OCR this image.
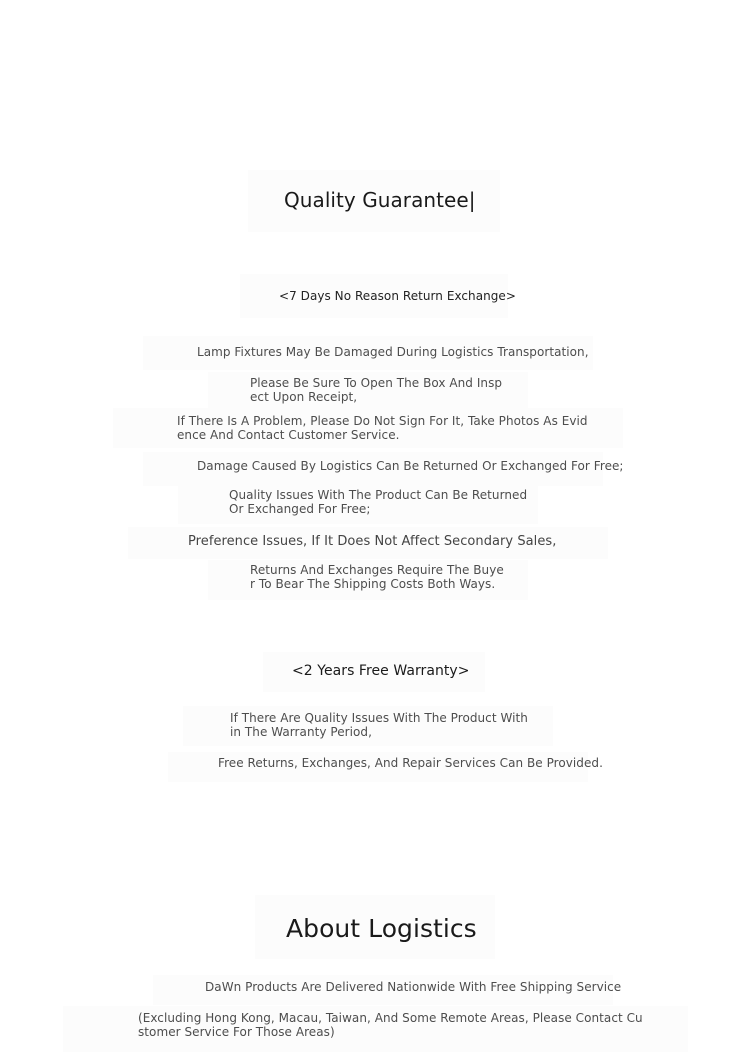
Quality Guarantee|
<7 Days No Reason Return Exchange>
Lamp Fixtures May Be Damaged During Logistics Transportation,
Please Be Sure To Open The Box And Insp
ect Upon Receipt,
If There Is A Problem, Please Do Not Sign For It, Take Photos As Evid
ence And Contact Customer Service.
Damage Caused By Logistics Can Be Returned Or Exchanged For Free;
Quality Issues With The Product Can Be Returned
Or Exchanged For Free;
Preference Issues, If It Does Not Affect Secondary Sales,
Returns And Exchanges Require The Buye
r To Bear The Shipping Costs Both Ways.
<2 Years Free Warranty>
If There Are Quality Issues With The Product With
in The Warranty Period,
Free Returns, Exchanges, And Repair Services Can Be Provided.
About Logistics
DaWn Products Are Delivered Nationwide With Free Shipping Service
(Excluding Hong Kong, Macau, Taiwan, And Some Remote Areas, Please Contact Cu
stomer Service For Those Areas)
